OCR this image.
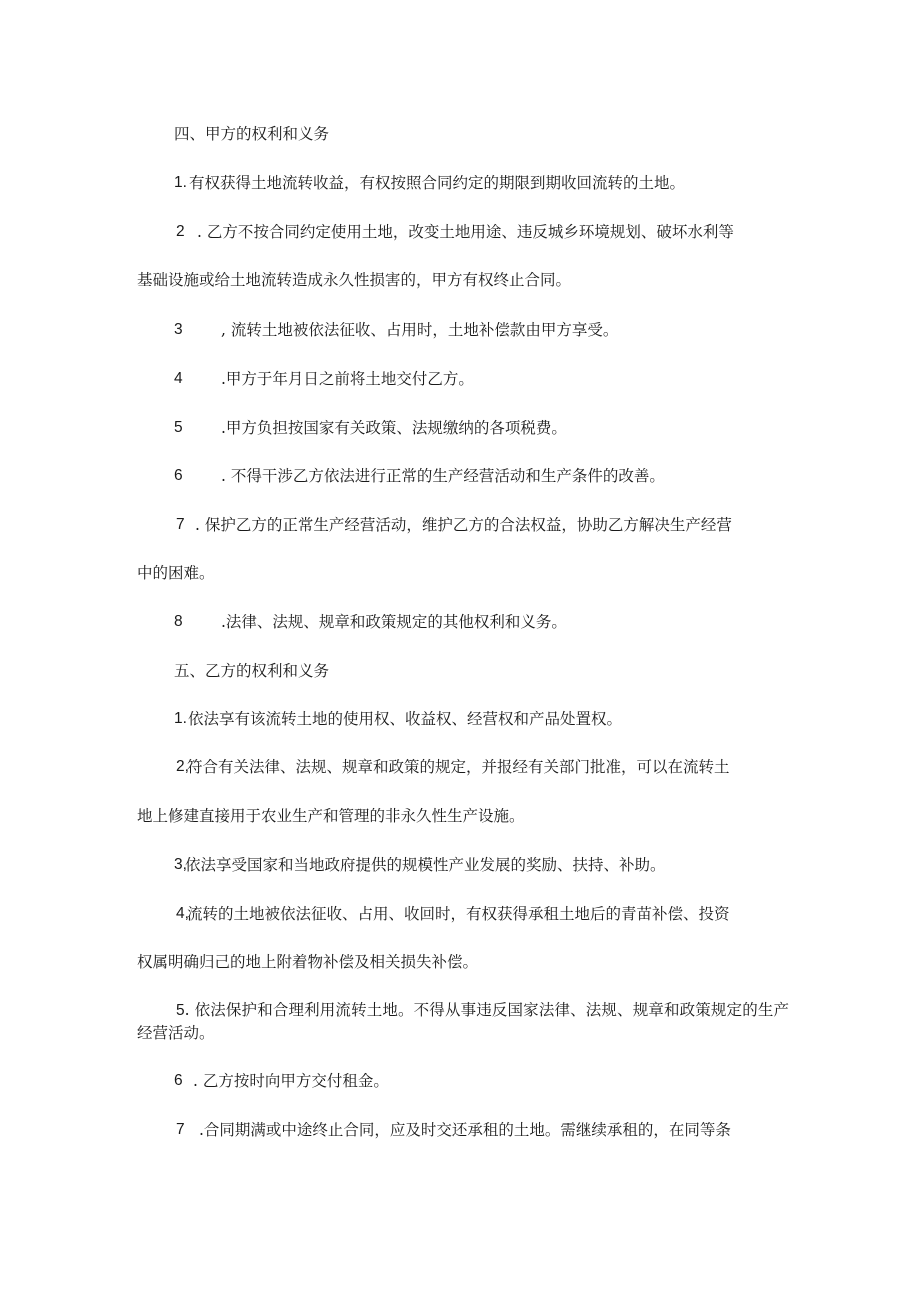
四、甲方的权利和义务
1. 有权获得土地流转收益，有权按照合同约定的期限到期收回流转的土地。
2 . 乙方不按合同约定使用土地，改变土地用途、违反城乡环境规划、破坏水利等
基础设施或给土地流转造成永久性损害的，甲方有权终止合同。
3 , 流转土地被依法征收、占用时，土地补偿款由甲方享受。
4 .甲方于年月日之前将土地交付乙方。
5 .甲方负担按国家有关政策、法规缴纳的各项税费。
6 . 不得干涉乙方依法进行正常的生产经营活动和生产条件的改善。
7 . 保护乙方的正常生产经营活动，维护乙方的合法权益，协助乙方解决生产经营
中的困难。
8 .法律、法规、规章和政策规定的其他权利和义务。
五、乙方的权利和义务
1. 依法享有该流转土地的使用权、收益权、经营权和产品处置权。
2,
符合有关法律、法规、规章和政策的规定，并报经有关部门批准，可以在流转土
地上修建直接用于农业生产和管理的非永久性生产设施。
3,
依法享受国家和当地政府提供的规模性产业发展的奖励、扶持、补助。
4,
流转的土地被依法征收、占用、收回时，有权获得承租土地后的青苗补偿、投资
权属明确归己的地上附着物补偿及相关损失补偿。
5. 依法保护和合理利用流转土地。不得从事违反国家法律、法规、规章和政策规定的生产经营活动。
6 . 乙方按时向甲方交付租金。
7 .合同期满或中途终止合同，应及时交还承租的土地。需继续承租的，在同等条
